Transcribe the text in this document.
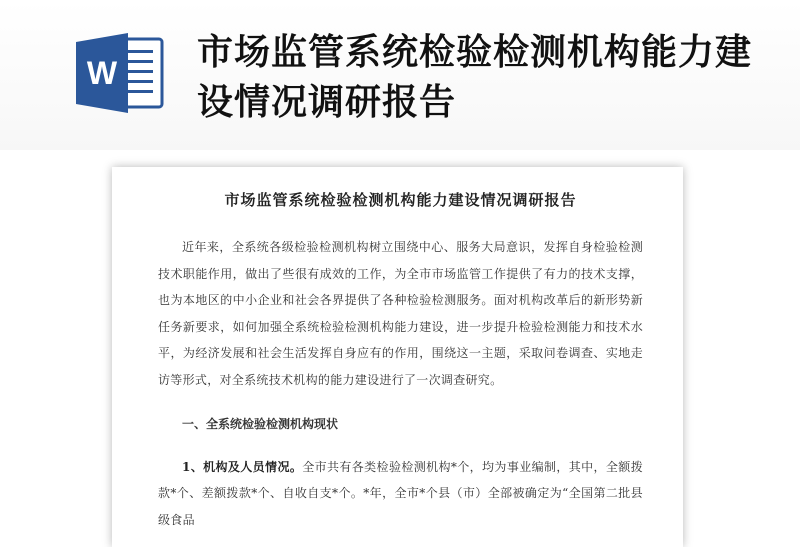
W 市场监管系统检验检测机构能力建设情况调研报告
市场监管系统检验检测机构能力建设情况调研报告

近年来，全系统各级检验检测机构树立围绕中心、服务大局意识，发挥自身检验检测技术职能作用，做出了些很有成效的工作，为全市市场监管工作提供了有力的技术支撑，也为本地区的中小企业和社会各界提供了各种检验检测服务。面对机构改革后的新形势新任务新要求，如何加强全系统检验检测机构能力建设，进一步提升检验检测能力和技术水平，为经济发展和社会生活发挥自身应有的作用，围绕这一主题，采取问卷调查、实地走访等形式，对全系统技术机构的能力建设进行了一次调查研究。

一、全系统检验检测机构现状

1、机构及人员情况。全市共有各类检验检测机构*个，均为事业编制，其中，全额拨款*个、差额拨款*个、自收自支*个。*年，全市*个县（市）全部被确定为“全国第二批县级食品
